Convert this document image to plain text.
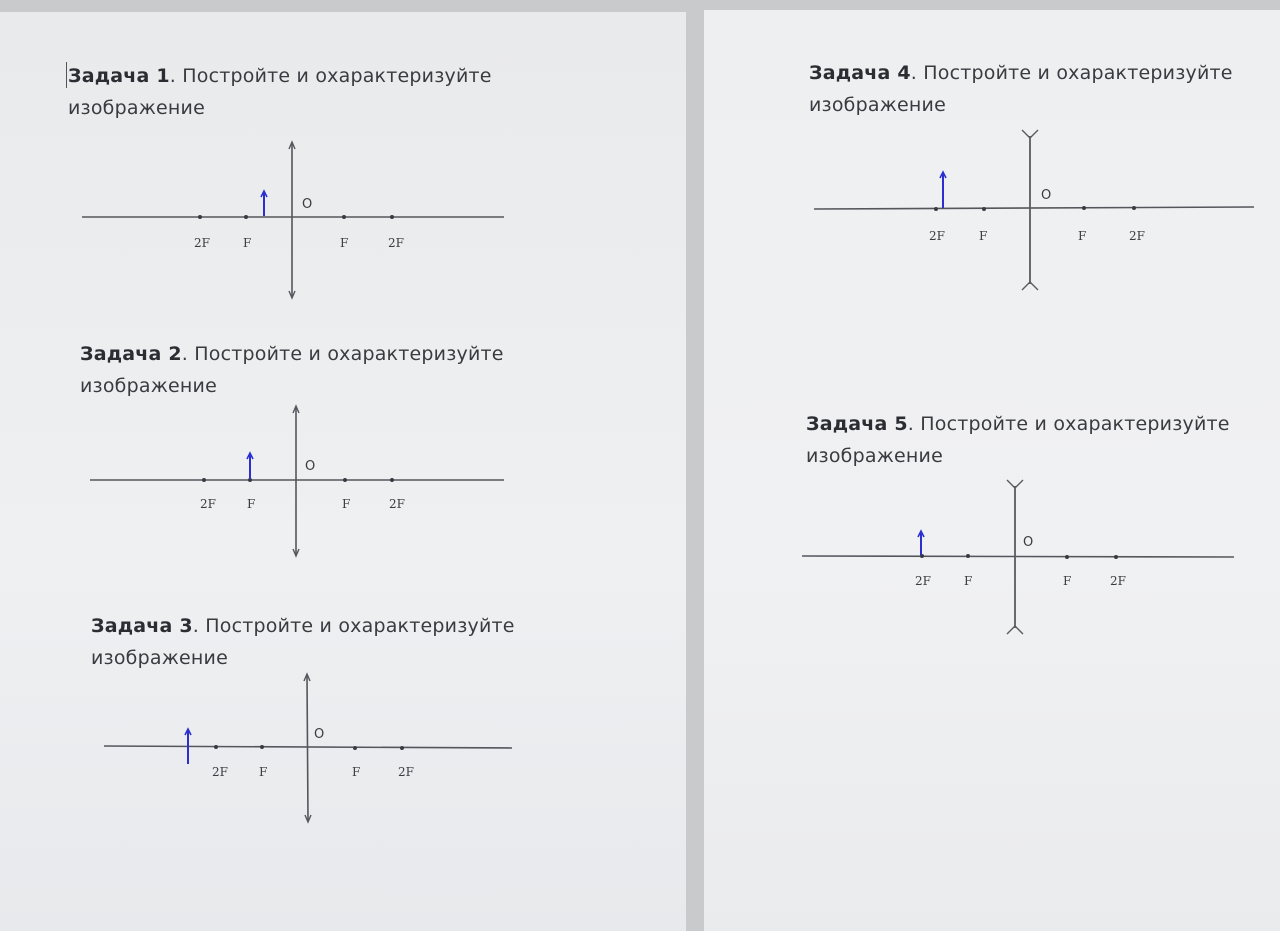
Задача 1. Постройте и охарактеризуйте

изображение

O
2F	F	F	2F

Задача 2. Постройте и охарактеризуйте

изображение

O
2F	F	F	2F

Задача 3. Постройте и охарактеризуйте

изображение

O
2F	F	F	2F

Задача 4. Постройте и охарактеризуйте

изображение

O
2F	F	F	2F

Задача 5. Постройте и охарактеризуйте

изображение

O
2F	F	F	2F
